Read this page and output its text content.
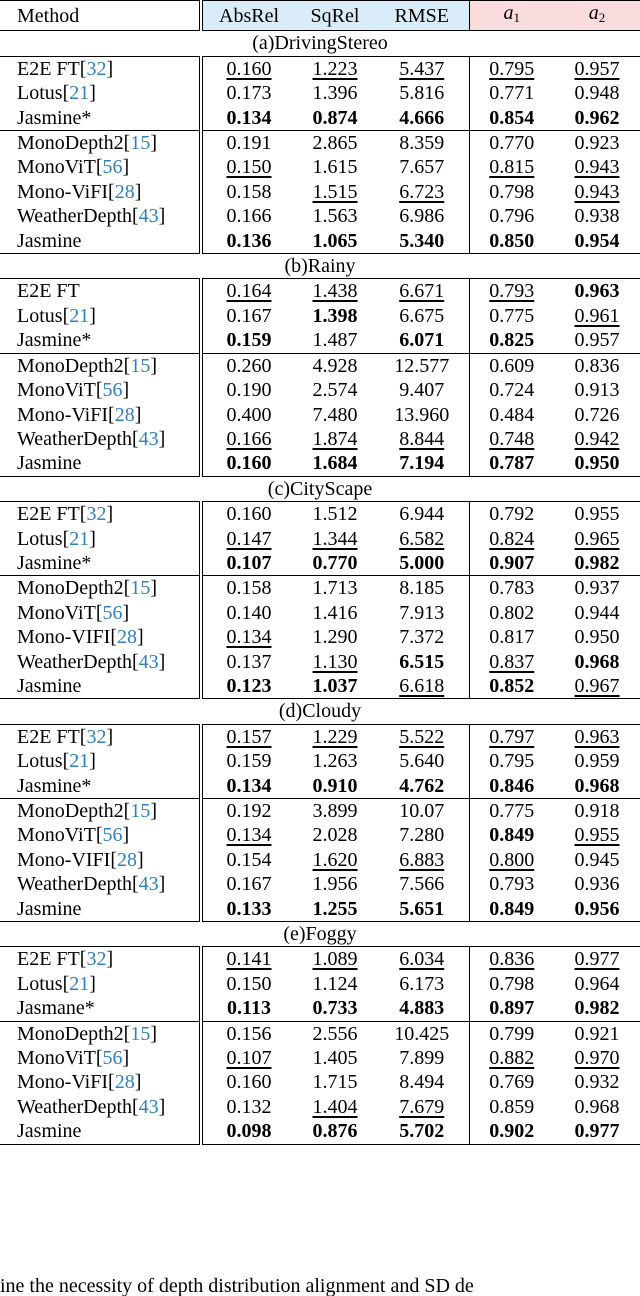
Method	AbsRel	SqRel	RMSE	$a_1$	$a_2$
(a)DrivingStereo					
E2E FT[32]	0.160	1.223	5.437	0.795	0.957
Lotus[21]	0.173	1.396	5.816	0.771	0.948
Jasmine*	0.134	0.874	4.666	0.854	0.962
MonoDepth2[15]	0.191	2.865	8.359	0.770	0.923
MonoViT[56]	0.150	1.615	7.657	0.815	0.943
Mono-ViFI[28]	0.158	1.515	6.723	0.798	0.943
WeatherDepth[43]	0.166	1.563	6.986	0.796	0.938
Jasmine	0.136	1.065	5.340	0.850	0.954
(b)Rainy					
E2E FT	0.164	1.438	6.671	0.793	0.963
Lotus[21]	0.167	1.398	6.675	0.775	0.961
Jasmine*	0.159	1.487	6.071	0.825	0.957
MonoDepth2[15]	0.260	4.928	12.577	0.609	0.836
MonoViT[56]	0.190	2.574	9.407	0.724	0.913
Mono-ViFI[28]	0.400	7.480	13.960	0.484	0.726
WeatherDepth[43]	0.166	1.874	8.844	0.748	0.942
Jasmine	0.160	1.684	7.194	0.787	0.950
(c)CityScape					
E2E FT[32]	0.160	1.512	6.944	0.792	0.955
Lotus[21]	0.147	1.344	6.582	0.824	0.965
Jasmine*	0.107	0.770	5.000	0.907	0.982
MonoDepth2[15]	0.158	1.713	8.185	0.783	0.937
MonoViT[56]	0.140	1.416	7.913	0.802	0.944
Mono-VIFI[28]	0.134	1.290	7.372	0.817	0.950
WeatherDepth[43]	0.137	1.130	6.515	0.837	0.968
Jasmine	0.123	1.037	6.618	0.852	0.967
(d)Cloudy					
E2E FT[32]	0.157	1.229	5.522	0.797	0.963
Lotus[21]	0.159	1.263	5.640	0.795	0.959
Jasmine*	0.134	0.910	4.762	0.846	0.968
MonoDepth2[15]	0.192	3.899	10.07	0.775	0.918
MonoViT[56]	0.134	2.028	7.280	0.849	0.955
Mono-VIFI[28]	0.154	1.620	6.883	0.800	0.945
WeatherDepth[43]	0.167	1.956	7.566	0.793	0.936
Jasmine	0.133	1.255	5.651	0.849	0.956
(e)Foggy					
E2E FT[32]	0.141	1.089	6.034	0.836	0.977
Lotus[21]	0.150	1.124	6.173	0.798	0.964
Jasmane*	0.113	0.733	4.883	0.897	0.982
MonoDepth2[15]	0.156	2.556	10.425	0.799	0.921
MonoViT[56]	0.107	1.405	7.899	0.882	0.970
Mono-ViFI[28]	0.160	1.715	8.494	0.769	0.932
WeatherDepth[43]	0.132	1.404	7.679	0.859	0.968
Jasmine	0.098	0.876	5.702	0.902	0.977
ine the necessity of depth distribution alignment and SD de
